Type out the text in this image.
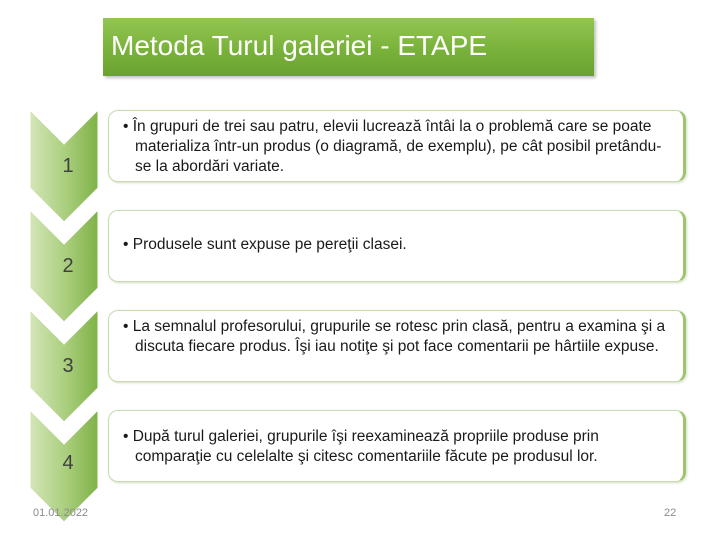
Metoda Turul galeriei - ETAPE
1
2
3
4

• În grupuri de trei sau patru, elevii lucrează întâi la o problemă care se poate materializa într-un produs (o diagramă, de exemplu), pe cât posibil pretându-se la abordări variate.

• Produsele sunt expuse pe pereţii clasei.

• La semnalul profesorului, grupurile se rotesc prin clasă, pentru a examina şi a discuta fiecare produs. Îşi iau notiţe şi pot face comentarii pe hârtiile expuse.

• După turul galeriei, grupurile îşi reexaminează propriile produse prin comparaţie cu celelalte şi citesc comentariile făcute pe produsul lor.

01.01.2022	22
